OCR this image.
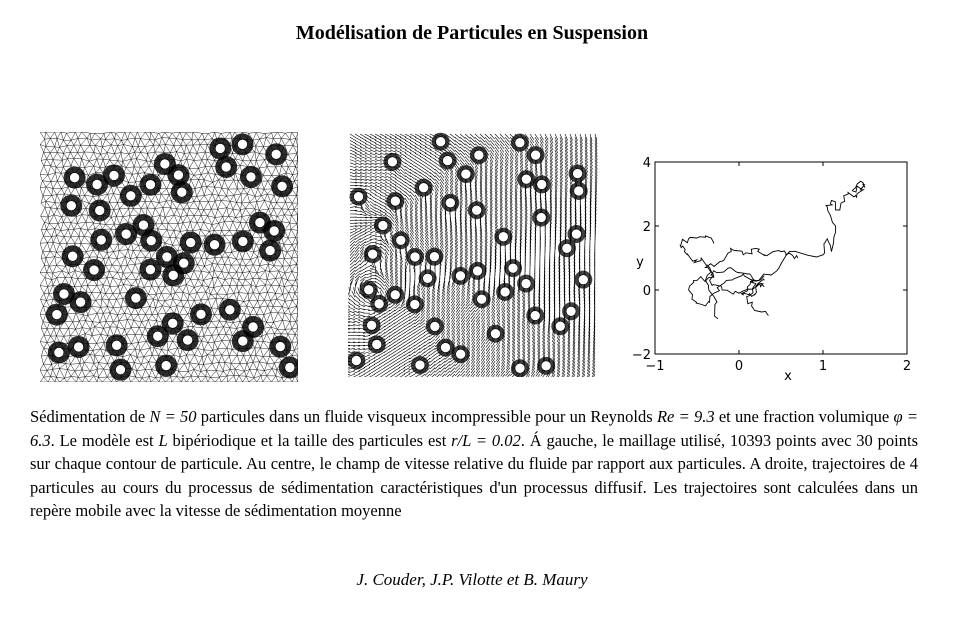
Modélisation de Particules en Suspension
−1	0	1	2
−2
0
2
4
x
y
Sédimentation de N = 50 particules dans un fluide visqueux incompressible pour un Reynolds Re = 9.3 et une fraction volumique φ = 6.3. Le modèle est L bipériodique et la taille des particules est r/L = 0.02. Á gauche, le maillage utilisé, 10393 points avec 30 points sur chaque contour de particule. Au centre, le champ de vitesse relative du fluide par rapport aux particules. A droite, trajectoires de 4 particules au cours du processus de sédimentation caractéristiques d'un processus diffusif. Les trajectoires sont calculées dans un repère mobile avec la vitesse de sédimentation moyenne
J. Couder, J.P. Vilotte et B. Maury
